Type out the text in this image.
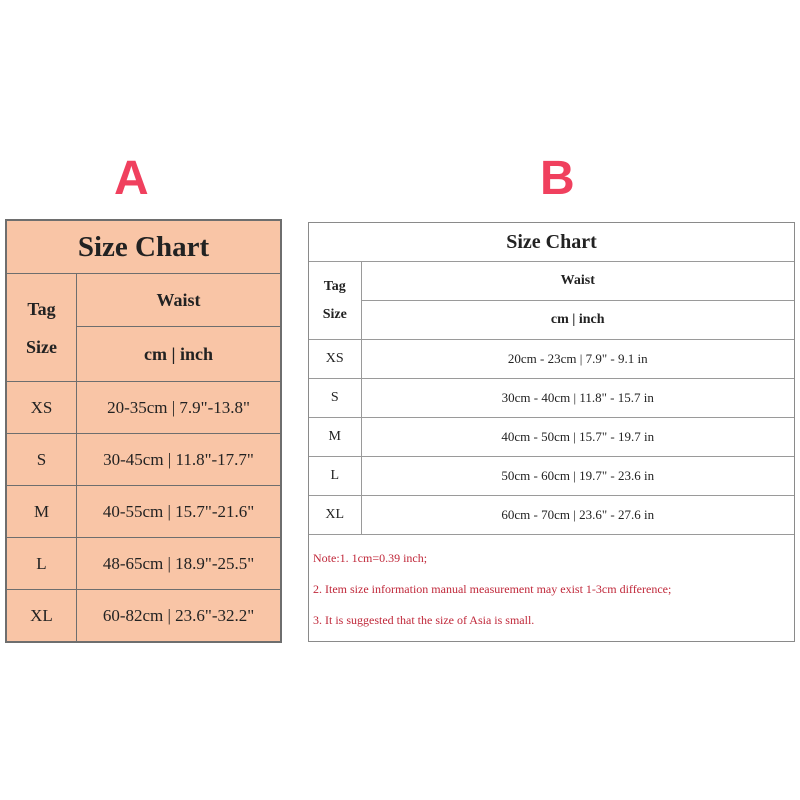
A	B
Size Chart	

Tag
Size	Waist
	cm | inch
XS	20-35cm | 7.9"-13.8"
S	30-45cm | 11.8"-17.7"
M	40-55cm | 15.7"-21.6"
L	48-65cm | 18.9"-25.5"
XL	60-82cm | 23.6"-32.2"
Size Chart	

Tag
Size	Waist
	cm | inch
XS	20cm - 23cm | 7.9" - 9.1 in
S	30cm - 40cm | 11.8" - 15.7 in
M	40cm - 50cm | 15.7" - 19.7 in
L	50cm - 60cm | 19.7" - 23.6 in
XL	60cm - 70cm | 23.6" - 27.6 in
Note:1. 1cm=0.39 inch;
2. Item size information manual measurement may exist 1-3cm difference;
3. It is suggested that the size of Asia is small.
